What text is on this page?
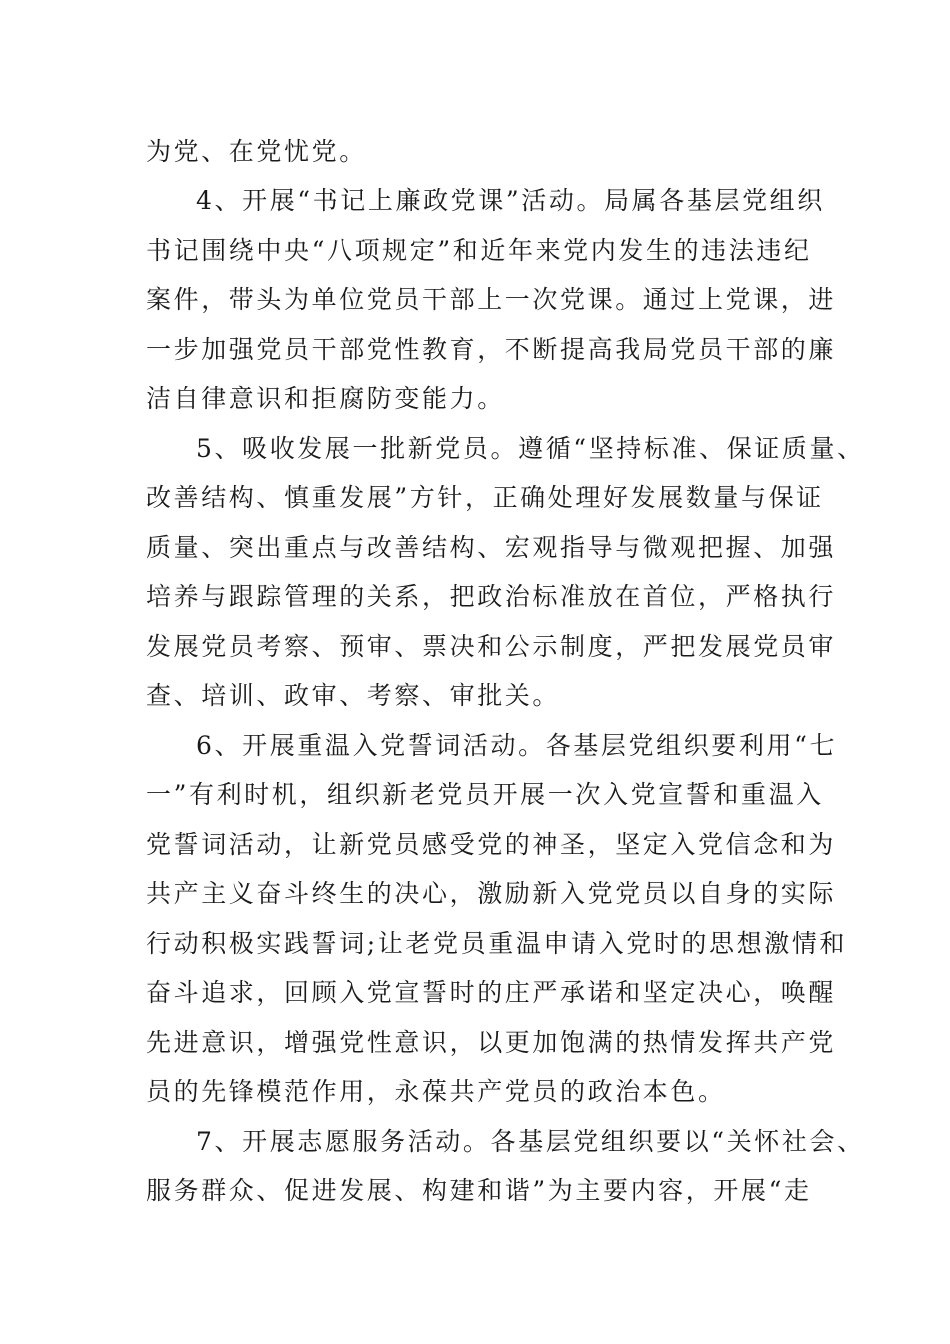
为党、在党忧党。
4、开展“书记上廉政党课”活动。局属各基层党组织
书记围绕中央“八项规定”和近年来党内发生的违法违纪
案件，带头为单位党员干部上一次党课。通过上党课，进
一步加强党员干部党性教育，不断提高我局党员干部的廉
洁自律意识和拒腐防变能力。
5、吸收发展一批新党员。遵循“坚持标准、保证质量、
改善结构、慎重发展”方针，正确处理好发展数量与保证
质量、突出重点与改善结构、宏观指导与微观把握、加强
培养与跟踪管理的关系，把政治标准放在首位，严格执行
发展党员考察、预审、票决和公示制度，严把发展党员审
查、培训、政审、考察、审批关。
6、开展重温入党誓词活动。各基层党组织要利用“七
一”有利时机，组织新老党员开展一次入党宣誓和重温入
党誓词活动，让新党员感受党的神圣，坚定入党信念和为
共产主义奋斗终生的决心，激励新入党党员以自身的实际
行动积极实践誓词;让老党员重温申请入党时的思想激情和
奋斗追求，回顾入党宣誓时的庄严承诺和坚定决心，唤醒
先进意识，增强党性意识，以更加饱满的热情发挥共产党
员的先锋模范作用，永葆共产党员的政治本色。
7、开展志愿服务活动。各基层党组织要以“关怀社会、
服务群众、促进发展、构建和谐”为主要内容，开展“走
